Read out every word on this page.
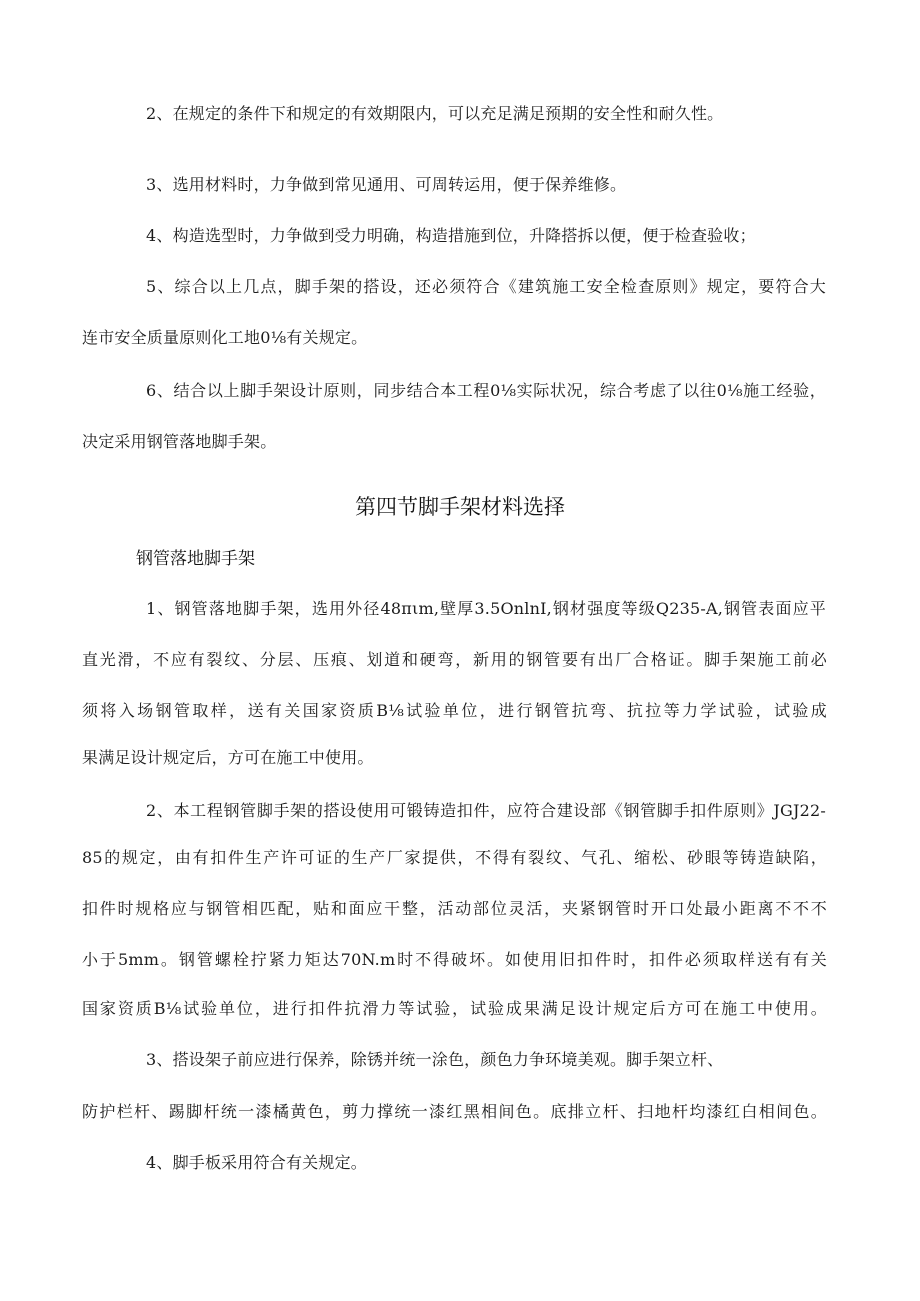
2、在规定的条件下和规定的有效期限内，可以充足满足预期的安全性和耐久性。
3、选用材料时，力争做到常见通用、可周转运用，便于保养维修。
4、构造选型时，力争做到受力明确，构造措施到位，升降搭拆以便，便于检查验收；
5、综合以上几点，脚手架的搭设，还必须符合《建筑施工安全检查原则》规定，要符合大
连市安全质量原则化工地0⅛有关规定。
6、结合以上脚手架设计原则，同步结合本工程0⅛实际状况，综合考虑了以往0⅛施工经验，
决定采用钢管落地脚手架。
第四节脚手架材料选择
钢管落地脚手架
1、钢管落地脚手架，选用外径48πιm,壁厚3.5OnlnI,钢材强度等级Q235-A,钢管表面应平
直光滑，不应有裂纹、分层、压痕、划道和硬弯，新用的钢管要有出厂合格证。脚手架施工前必
须将入场钢管取样，送有关国家资质B⅛试验单位，进行钢管抗弯、抗拉等力学试验，试验成
果满足设计规定后，方可在施工中使用。
2、本工程钢管脚手架的搭设使用可锻铸造扣件，应符合建设部《钢管脚手扣件原则》JGJ22-
85的规定，由有扣件生产许可证的生产厂家提供，不得有裂纹、气孔、缩松、砂眼等铸造缺陷，
扣件时规格应与钢管相匹配，贴和面应干整，活动部位灵活，夹紧钢管时开口处最小距离不不不
小于5mm。钢管螺栓拧紧力矩达70N.m时不得破坏。如使用旧扣件时，扣件必须取样送有有关
国家资质B⅛试验单位，进行扣件抗滑力等试验，试验成果满足设计规定后方可在施工中使用。
3、搭设架子前应进行保养，除锈并统一涂色，颜色力争环境美观。脚手架立杆、
防护栏杆、踢脚杆统一漆橘黄色，剪力撑统一漆红黑相间色。底排立杆、扫地杆均漆红白相间色。
4、脚手板采用符合有关规定。
